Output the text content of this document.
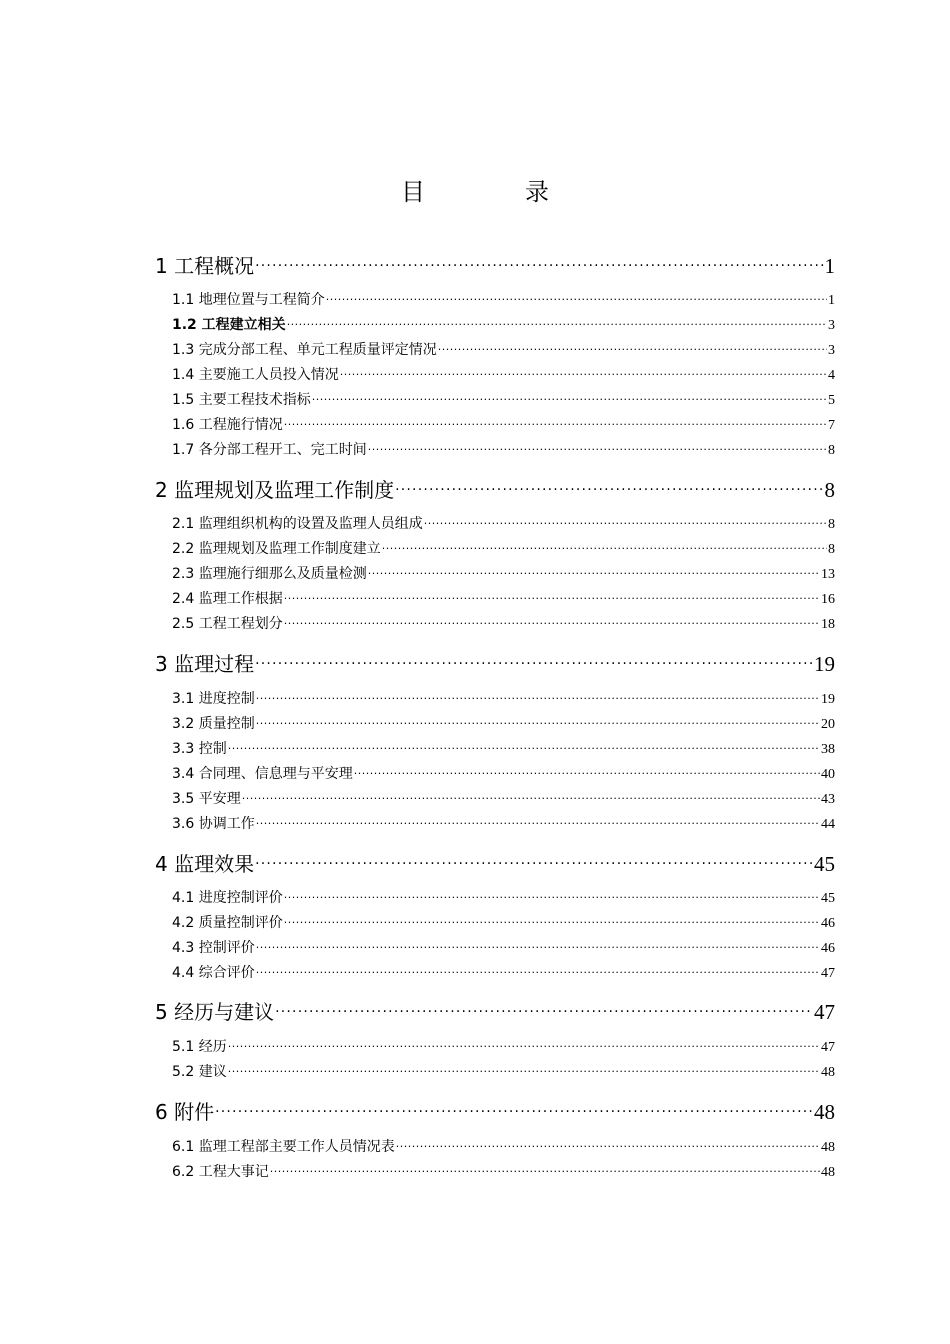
目	录
1 工程概况 ·····	1
1.1 地理位置与工程简介 ·····	1
1.2 工程建立相关 ·····	3
1.3 完成分部工程、单元工程质量评定情况 ·····	3
1.4 主要施工人员投入情况 ·····	4
1.5 主要工程技术指标 ·····	5
1.6 工程施行情况 ·····	7
1.7 各分部工程开工、完工时间 ·····	8
2 监理规划及监理工作制度 ·····	8
2.1 监理组织机构的设置及监理人员组成 ·····	8
2.2 监理规划及监理工作制度建立 ·····	8
2.3 监理施行细那么及质量检测 ·····	13
2.4 监理工作根据 ·····	16
2.5 工程工程划分 ·····	18
3 监理过程 ·····	19
3.1 进度控制 ·····	19
3.2 质量控制 ·····	20
3.3 控制 ·····	38
3.4 合同理、信息理与平安理 ·····	40
3.5 平安理 ·····	43
3.6 协调工作 ·····	44
4 监理效果 ·····	45
4.1 进度控制评价 ·····	45
4.2 质量控制评价 ·····	46
4.3 控制评价 ·····	46
4.4 综合评价 ·····	47
5 经历与建议 ·····	47
5.1 经历 ·····	47
5.2 建议 ·····	48
6 附件 ·····	48
6.1 监理工程部主要工作人员情况表 ·····	48
6.2 工程大事记 ·····	48
